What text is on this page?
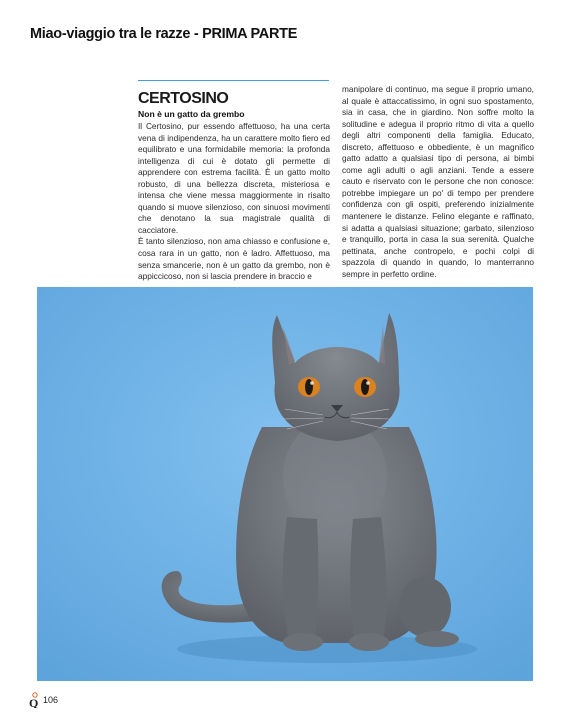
Miao-viaggio tra le razze - PRIMA PARTE
CERTOSINO
Non è un gatto da grembo

Il Certosino, pur essendo affettuoso, ha una certa vena di indipendenza, ha un carattere molto fiero ed equilibrato e una formidabile memoria: la profonda intelligenza di cui è dotato gli permette di apprendere con estrema facilità. È un gatto molto robusto, di una bellezza discreta, misteriosa e intensa che viene messa maggiormente in risalto quando si muove silenzioso, con sinuosi movimenti che denotano la sua magistrale qualità di cacciatore.

È tanto silenzioso, non ama chiasso e confusione e, cosa rara in un gatto, non è ladro. Affettuoso, ma senza smancerie, non è un gatto da grembo, non è appiccicoso, non si lascia prendere in braccio e

manipolare di continuo, ma segue il proprio umano, al quale è attaccatissimo, in ogni suo spostamento, sia in casa, che in giardino. Non soffre molto la solitudine e adegua il proprio ritmo di vita a quello degli altri componenti della famiglia. Educato, discreto, affettuoso e obbediente, è un magnifico gatto adatto a qualsiasi tipo di persona, ai bimbi come agli adulti o agli anziani. Tende a essere cauto e riservato con le persone che non conosce: potrebbe impiegare un po' di tempo per prendere confidenza con gli ospiti, preferendo inizialmente mantenere le distanze. Felino elegante e raffinato, si adatta a qualsiasi situazione; garbato, silenzioso e tranquillo, porta in casa la sua serenità. Qualche pettinata, anche contropelo, e pochi colpi di spazzola di quando in quando, lo manterranno sempre in perfetto ordine.

Q 106
